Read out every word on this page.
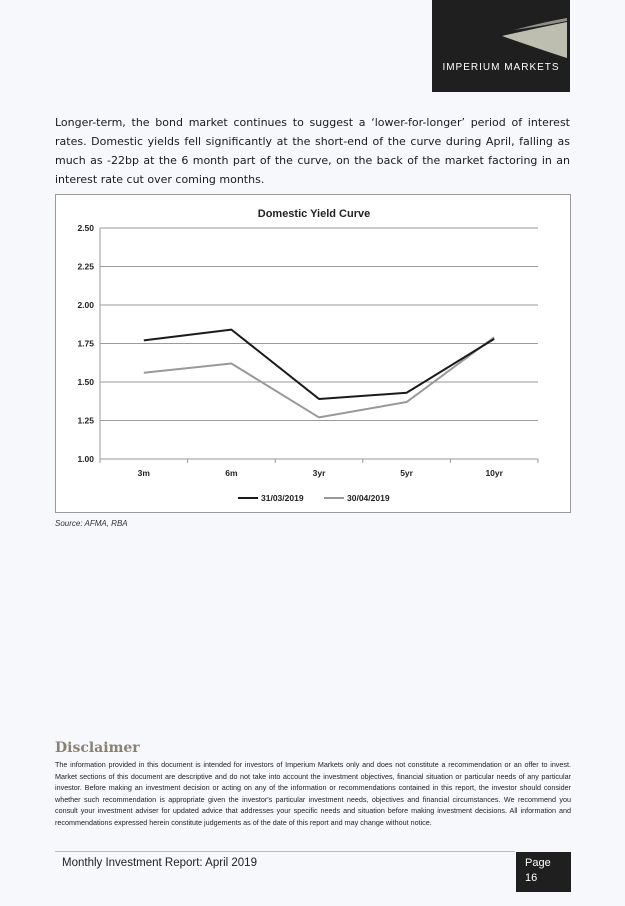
IMPERIUM MARKETS
Longer-term, the bond market continues to suggest a ‘lower-for-longer’ period of interest rates. Domestic yields fell significantly at the short-end of the curve during April, falling as much as -22bp at the 6 month part of the curve, on the back of the market factoring in an interest rate cut over coming months.
Domestic Yield Curve
1.00
1.25
1.50
1.75
2.00
2.25
2.50
3m	6m	3yr	5yr	10yr
31/03/2019	30/04/2019
Source: AFMA, RBA
Disclaimer
The information provided in this document is intended for investors of Imperium Markets only and does not constitute a recommendation or an offer to invest. Market sections of this document are descriptive and do not take into account the investment objectives, financial situation or particular needs of any particular investor. Before making an investment decision or acting on any of the information or recommendations contained in this report, the investor should consider whether such recommendation is appropriate given the investor's particular investment needs, objectives and financial circumstances. We recommend you consult your investment adviser for updated advice that addresses your specific needs and situation before making investment decisions. All information and recommendations expressed herein constitute judgements as of the date of this report and may change without notice.
Monthly Investment Report: April 2019	Page
16
